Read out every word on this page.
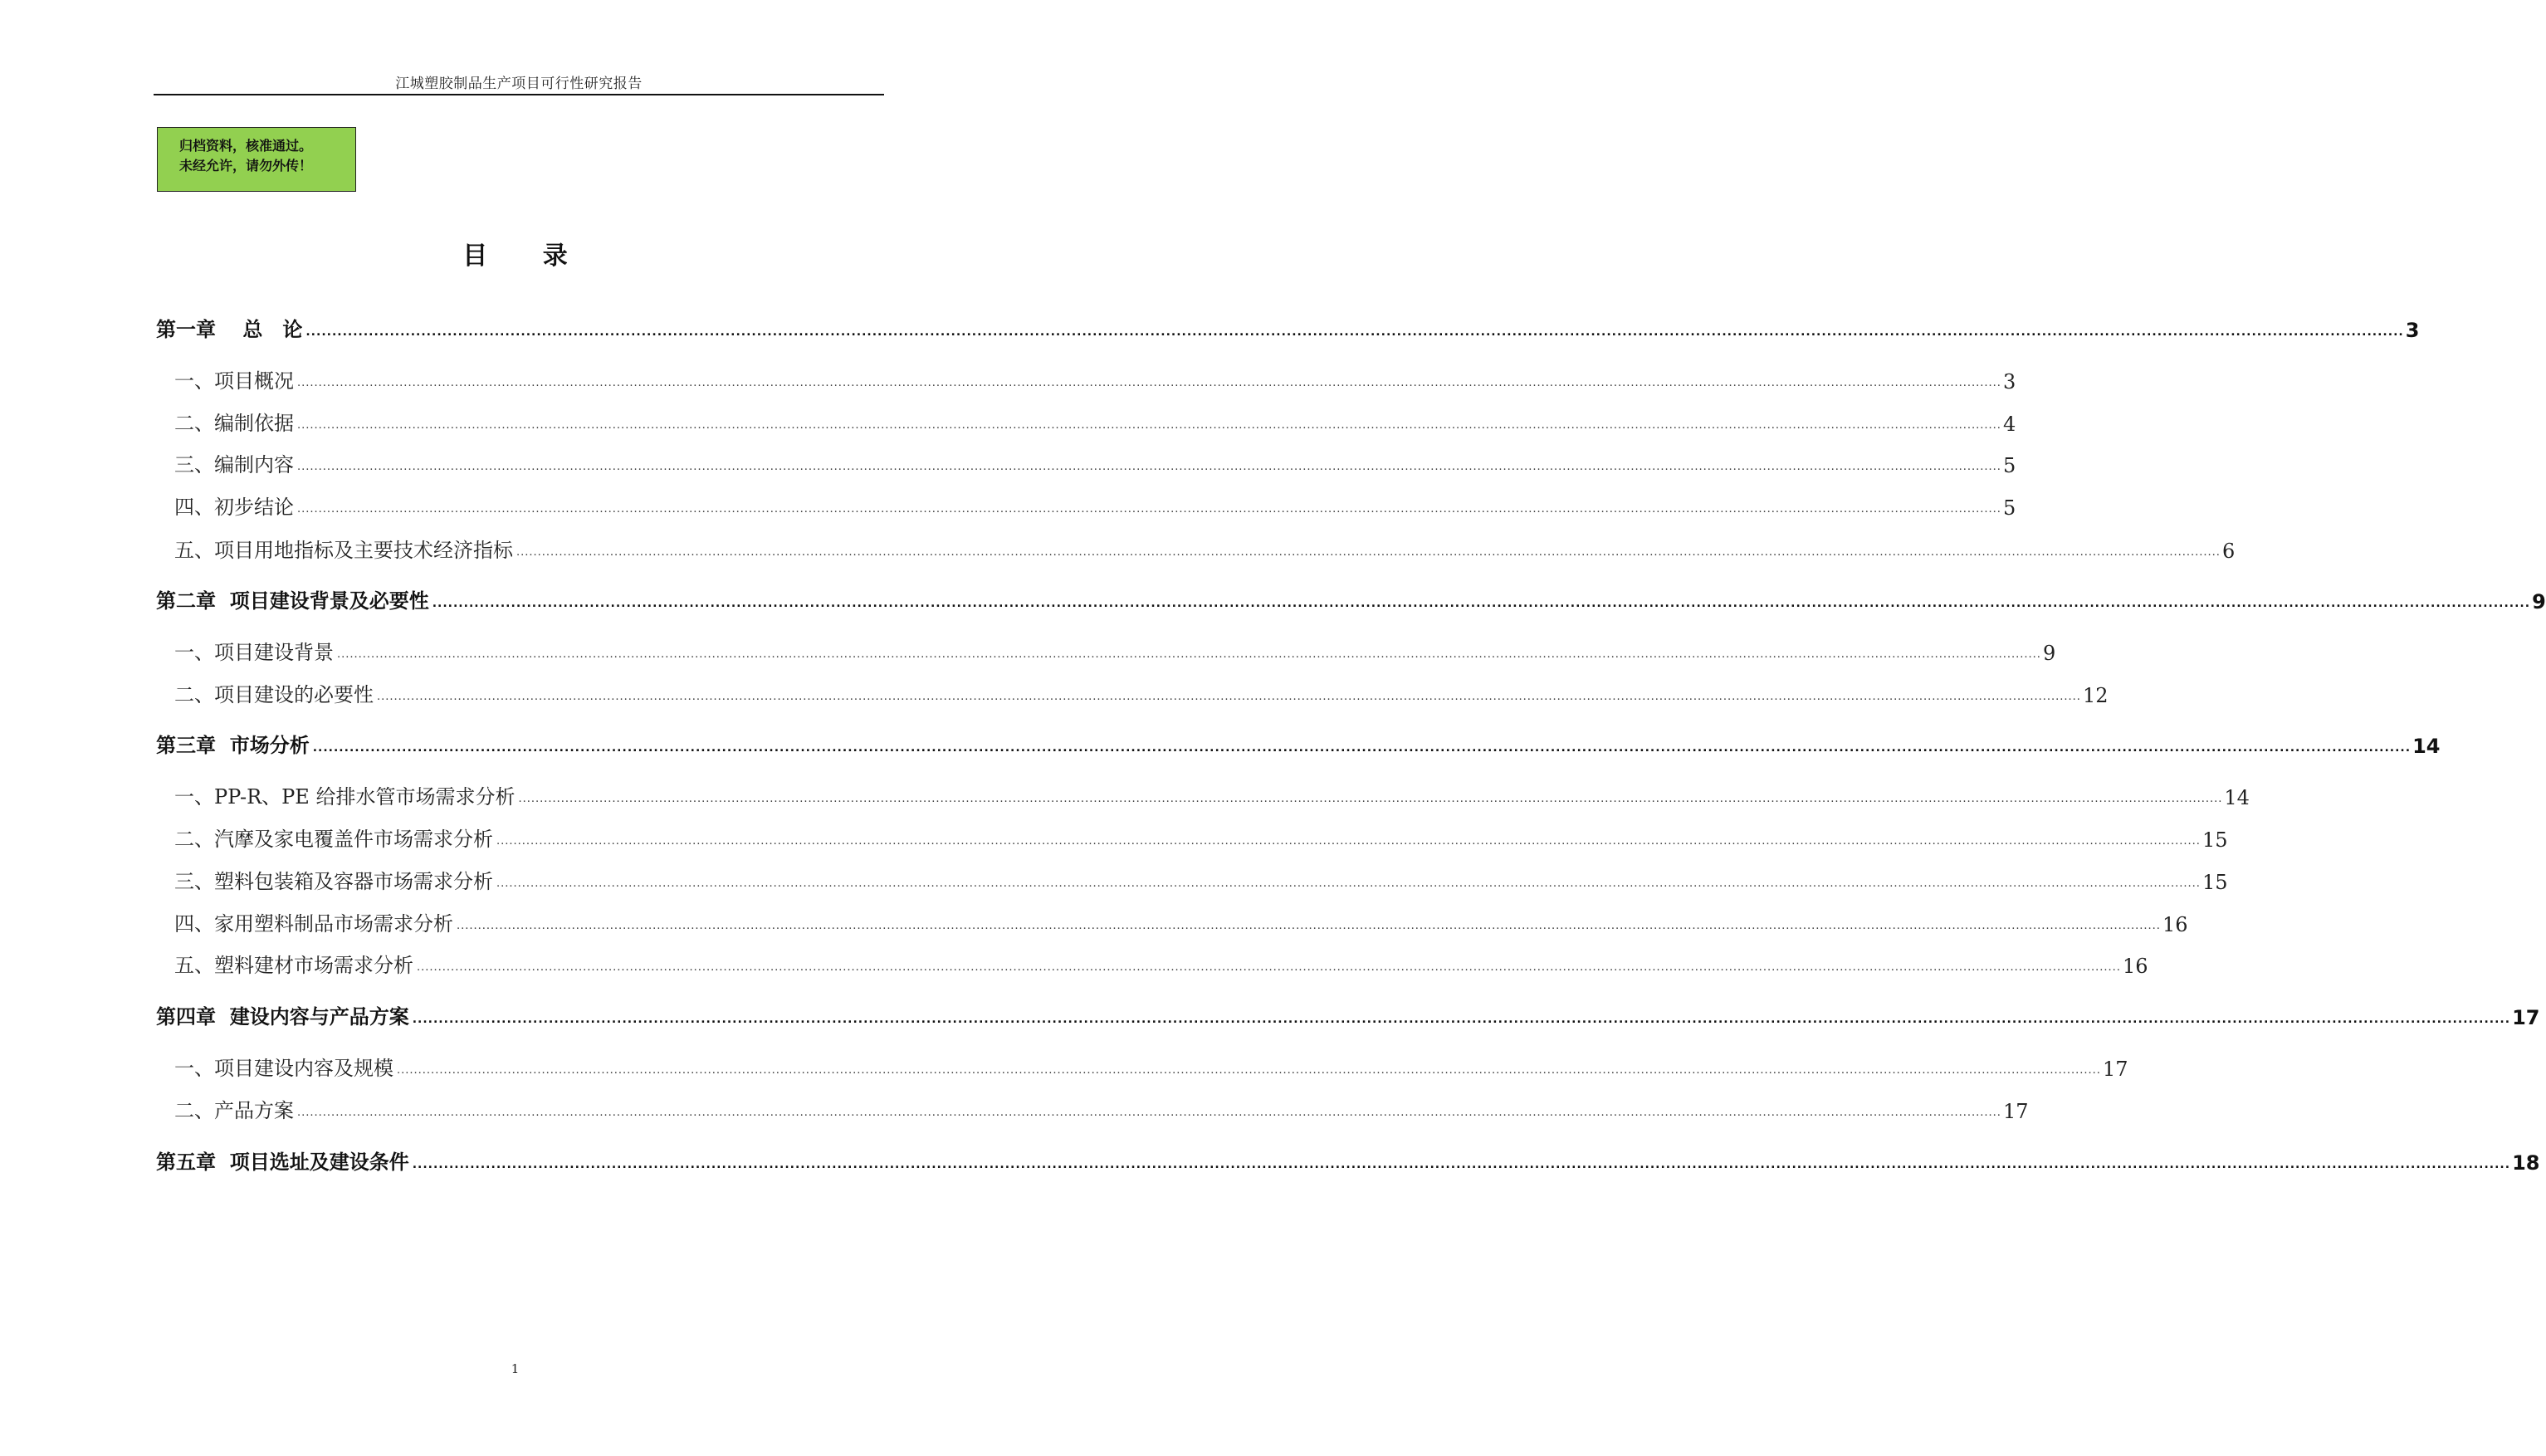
江城塑胶制品生产项目可行性研究报告
归档资料，核准通过。
未经允许，请勿外传！
目 录
第一章　 总　论 ................................................................................................................................................................................................................................................................................................................................................................................................................ 3
一、项目概况 ................................................................................................................................................................................................................................................................................................................................................................................................................ 3
二、编制依据 ................................................................................................................................................................................................................................................................................................................................................................................................................ 4
三、编制内容 ................................................................................................................................................................................................................................................................................................................................................................................................................ 5
四、初步结论 ................................................................................................................................................................................................................................................................................................................................................................................................................ 5
五、项目用地指标及主要技术经济指标 ................................................................................................................................................................................................................................................................................................................................................................................................................ 6
第二章  项目建设背景及必要性 ................................................................................................................................................................................................................................................................................................................................................................................................................ 9
一、项目建设背景 ................................................................................................................................................................................................................................................................................................................................................................................................................ 9
二、项目建设的必要性 ................................................................................................................................................................................................................................................................................................................................................................................................................ 12
第三章  市场分析 ................................................................................................................................................................................................................................................................................................................................................................................................................ 14
一、PP-R、PE 给排水管市场需求分析 ................................................................................................................................................................................................................................................................................................................................................................................................................ 14
二、汽摩及家电覆盖件市场需求分析 ................................................................................................................................................................................................................................................................................................................................................................................................................ 15
三、塑料包装箱及容器市场需求分析 ................................................................................................................................................................................................................................................................................................................................................................................................................ 15
四、家用塑料制品市场需求分析 ................................................................................................................................................................................................................................................................................................................................................................................................................ 16
五、塑料建材市场需求分析 ................................................................................................................................................................................................................................................................................................................................................................................................................ 16
第四章  建设内容与产品方案 ................................................................................................................................................................................................................................................................................................................................................................................................................ 17
一、项目建设内容及规模 ................................................................................................................................................................................................................................................................................................................................................................................................................ 17
二、产品方案 ................................................................................................................................................................................................................................................................................................................................................................................................................ 17
第五章  项目选址及建设条件 ................................................................................................................................................................................................................................................................................................................................................................................................................ 18
1
